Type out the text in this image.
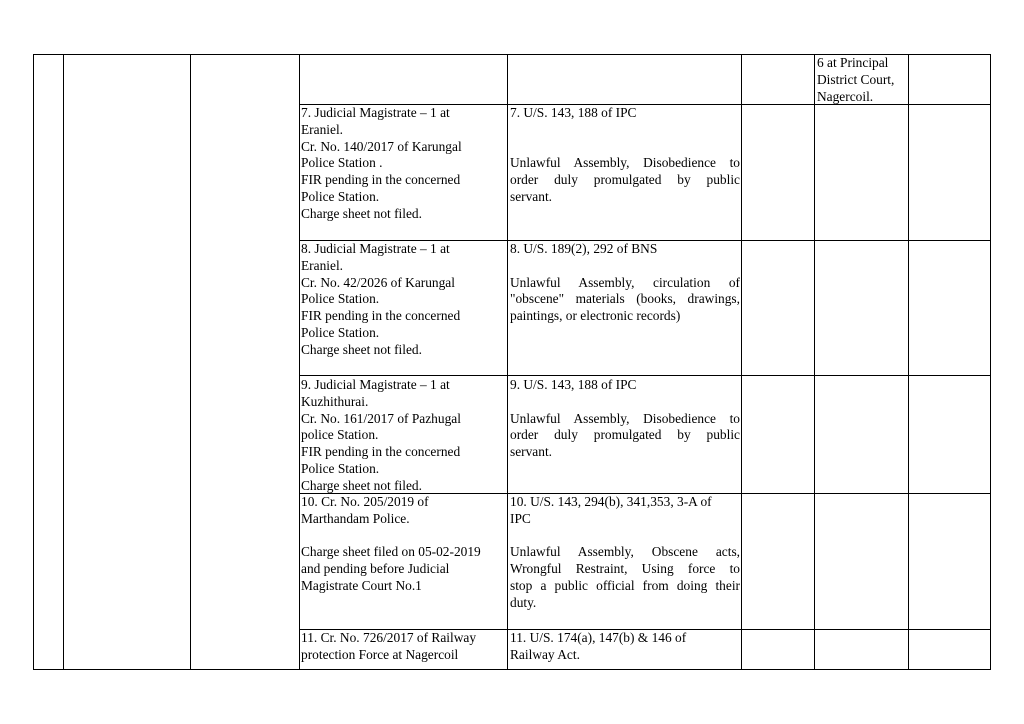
6 at Principal
District Court,
Nagercoil.
7. Judicial Magistrate – 1 at
Eraniel.
Cr. No. 140/2017 of Karungal
Police Station .
FIR pending in the concerned
Police Station.
Charge sheet not filed.
7. U/S. 143, 188 of IPC
Unlawful Assembly, Disobedience to
order duly promulgated by public
servant.
8. Judicial Magistrate – 1 at
Eraniel.
Cr. No. 42/2026 of Karungal
Police Station.
FIR pending in the concerned
Police Station.
Charge sheet not filed.
8. U/S. 189(2), 292 of BNS
Unlawful Assembly, circulation of
"obscene" materials (books, drawings,
paintings, or electronic records)
9. Judicial Magistrate – 1 at
Kuzhithurai.
Cr. No. 161/2017 of Pazhugal
police Station.
FIR pending in the concerned
Police Station.
Charge sheet not filed.
9. U/S. 143, 188 of IPC
Unlawful Assembly, Disobedience to
order duly promulgated by public
servant.
10. Cr. No. 205/2019 of
Marthandam Police.
Charge sheet filed on 05-02-2019
and pending before Judicial
Magistrate Court No.1
10. U/S. 143, 294(b), 341,353, 3-A of
IPC
Unlawful Assembly, Obscene acts,
Wrongful Restraint, Using force to
stop a public official from doing their
duty.
11. Cr. No. 726/2017 of Railway
protection Force at Nagercoil
11. U/S. 174(a), 147(b) & 146 of
Railway Act.
